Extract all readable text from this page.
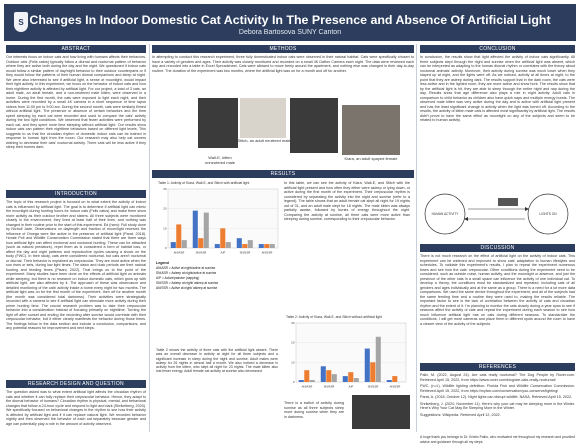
S Changes In Indoor Domestic Cat Activity In The Presence and Absence Of Artificial Light
Debora Bartosova SUNY Canton
ABSTRACT
Our interests focus on indoor cats and how living with humans affects their behaviors. Outdoor cats (Felis catus) typically follow a diurnal and nocturnal pattern of behavior where they are active both during the day and the night. We questioned if indoor cats would follow a similar pattern of day/night behavior to their outdoor counterparts or if they would follow the patterns of their human diurnal companions and sleep at night. We were also interested to see if artificial light, a sense of moonlight, would impact their light activity. In this experiment, we focus on the behavior of indoor cats and how their nighttime activity is affected by artificial light. For our project, a total of 3 cats, an adult male, an adult female, and a non-neutered male kitten, were observed in a home. During the first month, the cats were exposed to light each night, and their activities were recorded by a small 4K camera in a short sequence of time lapse videos from 11:00 pm to 9:00 am. During the second month, cats were similarly filmed without artificial light. The presence or absence of certain behaviors and the time spent sleeping by each cat were recorded and used to compare the cats' activity during the two light conditions. We observed that fewer activities were performed by each cat, and they spent more time sleeping without artificial light. Our results show indoor cats can pattern their nighttime behaviors based on different light levels. This suggests to us that the circadian rhythm of domestic indoor cats can be trained in response to human light from the moon. Our research may also help cat owners wishing to decrease their cats' nocturnal activity. There cats will be less active if they sleep their homes dark.
INTRODUCTION
The topic of this research project is focused on to what extent the activity of indoor cats is influenced by artificial light. The goal is to determine if artificial light can mimic the moonlight during hunting hours for indoor cats (Felis catus) and make them show more activity as their outdoor brother and sisters. All three subjects were monitored closely in the environment, they lived at least half of their lives, and nothing was changed in their routine prior to the start of this experiment. Ed (ham): Full study done by Nicholl Jade. Observations on daylength and fraction of moon/light received the influence of Omega were like active in the presence of artificial light (Parat, 2018). Horale Poll and Wildlife Conservation Commission stated that there are three ways how artificial light can affect nocturnal and nocturnal hunting. These can be attracted (such as natural predators), repel them as is considered a form of habitat loss, or affect the day and night patterns and reproductive cycles causing a shock on the body (FWC). In their study, cats were considered nocturnal, but cats aren't nocturnal or diurnal. Their behavior is explained as crepuscular. They are most active when the sun rises or sets, during low light times. The dawn and dusk periods are their natural hunting and feeding times (Pisani, 2022). That brings us to the point of the experiment. Many studies have been done on the effects of artificial light on animals while sleeping, but there is no research on indoor domestic cats, which grow up with artificial light, are also affected by it. The approach of these was observance and detailed monitoring of the cats' activity inside a home every night for two months. The artificial light was on for the first month of the experiment, then off for another month (the month was considered total darkness). Their activities were strategically recorded with a camera to see if artificial light can stimulate more activity during their prime hunting time. The crucial research problem was to take their crepuscular behavior into a consideration instead of focusing primarily on nighttime. Turning the light off after sunset and ending the recording after sunrise would correlate with their crepuscular behavior, but it either clearly manifests the behavior during those times. The findings follow in the data section and include a conclusion, comparisons, and any potential reasons for improvement and next steps.
RESEARCH DESIGN AND QUESTION
The question asked was to what extent artificial light affects the circadian rhythm of cats and whether it can fully replace their crepuscular behavior. Hence, they adapt to the diurnal behavior of humans? Circadian rhythm is physical, mental, and behavioral changes that follow a 24-hour cycle and respond to light and dark (Shrikelberg, 2020). We specifically focused on behavioral changes in the rhythm to see how their activity is affected by artificial light and if it can replace natural light. We recorded behavior nightly and then observed the behavior of each cat separately because gender and age can potentially play a role in the amount of activity observed.
METHODS
In attempting to conduct this research experiment, three fully domesticated indoor cats were observed in their natural habitat. Cats were specifically chosen to have a variety of genders and ages. Their activity was closely monitored and recorded on a small 4K Dafton Camera each night. The data were reviewed each day and recorded into a table in Excel Spreadsheet. Cats were allowed to move freely around the apartment, and nothing else was changed in their day-to-day routine. The duration of the experiment was two months, where the artificial light was on for a month and off for another.
Stitch, an adult neutered male
Wall-E, kitten unneutered male
Kiara, an adult spayed female
RESULTS
Table 1: Activity of Kiara, Wall-E, and Stitch with artificial light
0
10
20
30
AN/ASR	SN/ASR	A/P	SN/SSR	AN/SSR
Legend
AN/ASR = Active at night/active at sunrise
SN/ASR = Asleep at night/active at sunrise
A/P = Active/passive (napping)
SN/SSR = Asleep at night/ asleep at sunrise
AN/SSR = Active at night/ asleep at sunrise
Table 2 shows the activity of three cats with the artificial light absent. There was an overall decrease in activity at night for all three subjects and a significant increase in sleep during the night and sunrise. Adult males were asleep for 26 nights in almost half a month. We also noticed a decrease in activity from the kitten, who slept all night for 23 nights. The male kitten also lost fewer energy. Adult female cat activity at sunrise also decreased.
In this table, we can see the activity of Kiara, Wall-E, and Stitch with the artificial light present and how often they either were asleep or lying down, or active during the first month of the experiment. Their crepuscular rhythm is considered by separating the activity into the night and sunrise (refer to a legend). The table shows that an adult female cat slept all night for 19 nights out of 31, and an adult male slept for 18 nights. The male kitten was always partially awake, followed by bursts of energy throughout the night. Comparing the activity at sunrise, all three cats were more active than sleeping during sunrise, corresponding to their crepuscular behavior.
Table 2: Activity of Kiara, Wall-E, and Stitch without artificial light
0
10
20
30
AN/ASR	SN/ASR	A/P	SN/SSR	AN/SSR
There is a switch of activity during sunrise as all three subjects sleep more during sunrise when they are in darkness.
CONCLUSION
In conclusion, the results show that light affected the activity of indoor cats significantly. All three subjects slept through the night and sunrise when the artificial light was absent, which can be interpreted as adapting to the human diurnal rhythm or correlates with the theory about nocturnal animals' activity. Moreover, their activity during sunrise was much lower when they stayed up at night, and the lights were off. As we noticed, activity at all times at night, to the point that they are asleep during dark. The results support that in the dark room, the cats were less active and in the lighted room, they are more active and show hunt. The results show that by the artificial light is hit, they are able to sleep through the entire night and nap during the day. Results show that age difference also plays a role in night activity. Adult cats in comparison to child behavior as children also have quick naps and multiple energy bursts. The observed male kitten was very active during the day and is active with artificial light present and has the least significant change in activity when the light was turned off. According to the results, the activity of kitten male cats is affected most significantly by artificial light. The results didn't prove to have the same effect as moonlight on any of the subjects and seem to be related to human activity.
HUMAN ACTIVITY	LIGHTS ON
DISCUSSION
There is not much research on the effect of artificial light on the activity of indoor cats. This experiment can be widened and improved to show cats' adaptation to human lifestyles and schedules. To validate this experiment's results, I plan to repeat the experiment numerous times and see how the cats' crepuscular. Other conditions during the experiment need to be considered, such as outside noise, human activity, and the moonlight or absence, and just the presence of the other cats in a small space can influence the activity of one individual cat. To develop a theory, the conditions must be standardized and repeated, including cats of all genders and ages individually and at the same as a group. There is a need for a lot more data comparisons. We used the same device throughout the experiment, and all of the subjects had the same feeding time and a routine they were used to, making the results reliable. The important factor to see is the lack of correlation between the activity of cats and circadian rhythm and the extent of it. I'm planning to monitor the cats closely during a year span to see if seasons affect the activity of cats and repeat the experiment during each season to see how much influence artificial light has on cats during different seasons. To standardize the conditions, I will get more cameras and place them in different spots around the room to have a clearer view of the activity of the subjects.
REFERENCES
Paliv, M. (2022, August 24). Are cats really nocturnal? The Dog People by Rover.com. Retrieved April 15, 2022, from https://www.rover.com/blog/are-cats-really-nocturnal/
FWC. (n.d.). Wildlife lighting definition. Florida Fish and Wildlife Conservation Commission. Retrieved April 15, 2022, from https://myfwc.com/conservation/you-conserve/lighting/
Parat, A. (2018, October 12). Night lights can disrupt wildlife. NASA. Retrieved April 15, 2022.
Shrikelberg, J. (2020, November 11). Here's why your cat may be sleeping more in the Winter. Here's Why Your Cat May Be Sleeping More in the Winter.
Suggestions: Wikipedia. Retrieved April 12, 2022.
A huge thank you belongs to Dr. Kristin Pallor, who motivated me throughout my research and provided advice and guidance through all my steps.
